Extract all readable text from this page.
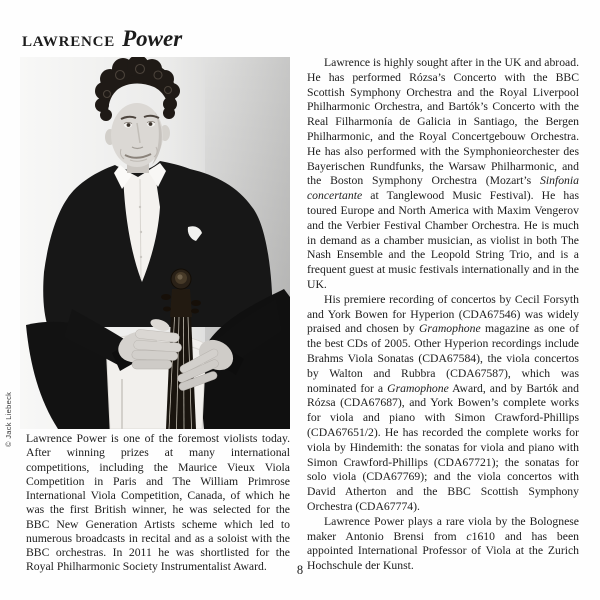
LAWRENCE Power
© Jack Liebeck Lawrence Power is one of the foremost violists today. After winning prizes at many international competitions, including the Maurice Vieux Viola Competition in Paris and The William Primrose International Viola Competition, Canada, of which he was the first British winner, he was selected for the BBC New Generation Artists scheme which led to numerous broadcasts in recital and as a soloist with the BBC orchestras. In 2011 he was shortlisted for the Royal Philharmonic Society Instrumentalist Award.

Lawrence is highly sought after in the UK and abroad. He has performed Rózsa’s Concerto with the BBC Scottish Symphony Orchestra and the Royal Liverpool Philharmonic Orchestra, and Bartók’s Concerto with the Real Filharmonía de Galicia in Santiago, the Bergen Philharmonic, and the Royal Concertgebouw Orchestra. He has also performed with the Symphonieorchester des Bayerischen Rundfunks, the Warsaw Philharmonic, and the Boston Symphony Orchestra (Mozart’s Sinfonia concertante at Tanglewood Music Festival). He has toured Europe and North America with Maxim Vengerov and the Verbier Festival Chamber Orchestra. He is much in demand as a chamber musician, as violist in both The Nash Ensemble and the Leopold String Trio, and is a frequent guest at music festivals internationally and in the UK.

His premiere recording of concertos by Cecil Forsyth and York Bowen for Hyperion (CDA67546) was widely praised and chosen by Gramophone magazine as one of the best CDs of 2005. Other Hyperion recordings include Brahms Viola Sonatas (CDA67584), the viola concertos by Walton and Rubbra (CDA67587), which was nominated for a Gramophone Award, and by Bartók and Rózsa (CDA67687), and York Bowen’s complete works for viola and piano with Simon Crawford-Phillips (CDA67651/2). He has recorded the complete works for viola by Hindemith: the sonatas for viola and piano with Simon Crawford-Phillips (CDA67721); the sonatas for solo viola (CDA67769); and the viola concertos with David Atherton and the BBC Scottish Symphony Orchestra (CDA67774).

Lawrence Power plays a rare viola by the Bolognese maker Antonio Brensi from c1610 and has been appointed International Professor of Viola at the Zurich Hochschule der Kunst.

8
